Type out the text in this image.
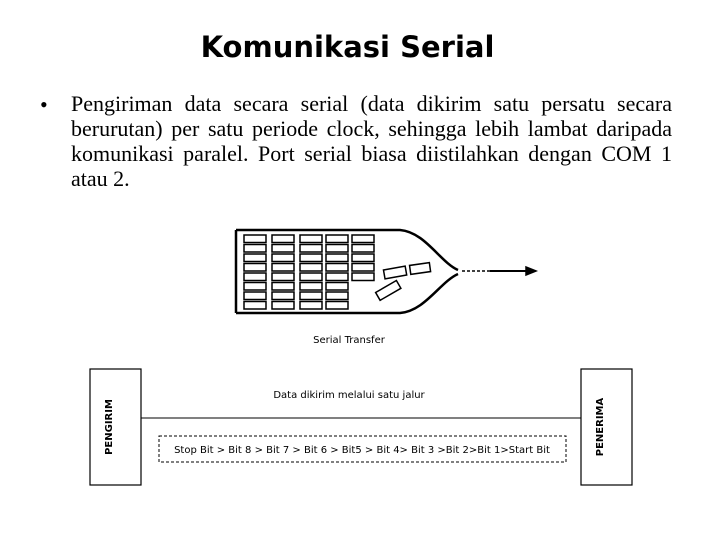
Komunikasi Serial
• Pengiriman data secara serial (data dikirim satu persatu secara berurutan) per satu periode clock, sehingga lebih lambat daripada komunikasi paralel. Port serial biasa diistilahkan dengan COM 1 atau 2.
Serial Transfer
PENGIRIM	PENERIMA
Data dikirim melalui satu jalur
Stop Bit > Bit 8 > Bit 7 > Bit 6 > Bit5 > Bit 4> Bit 3 >Bit 2>Bit 1>Start Bit
